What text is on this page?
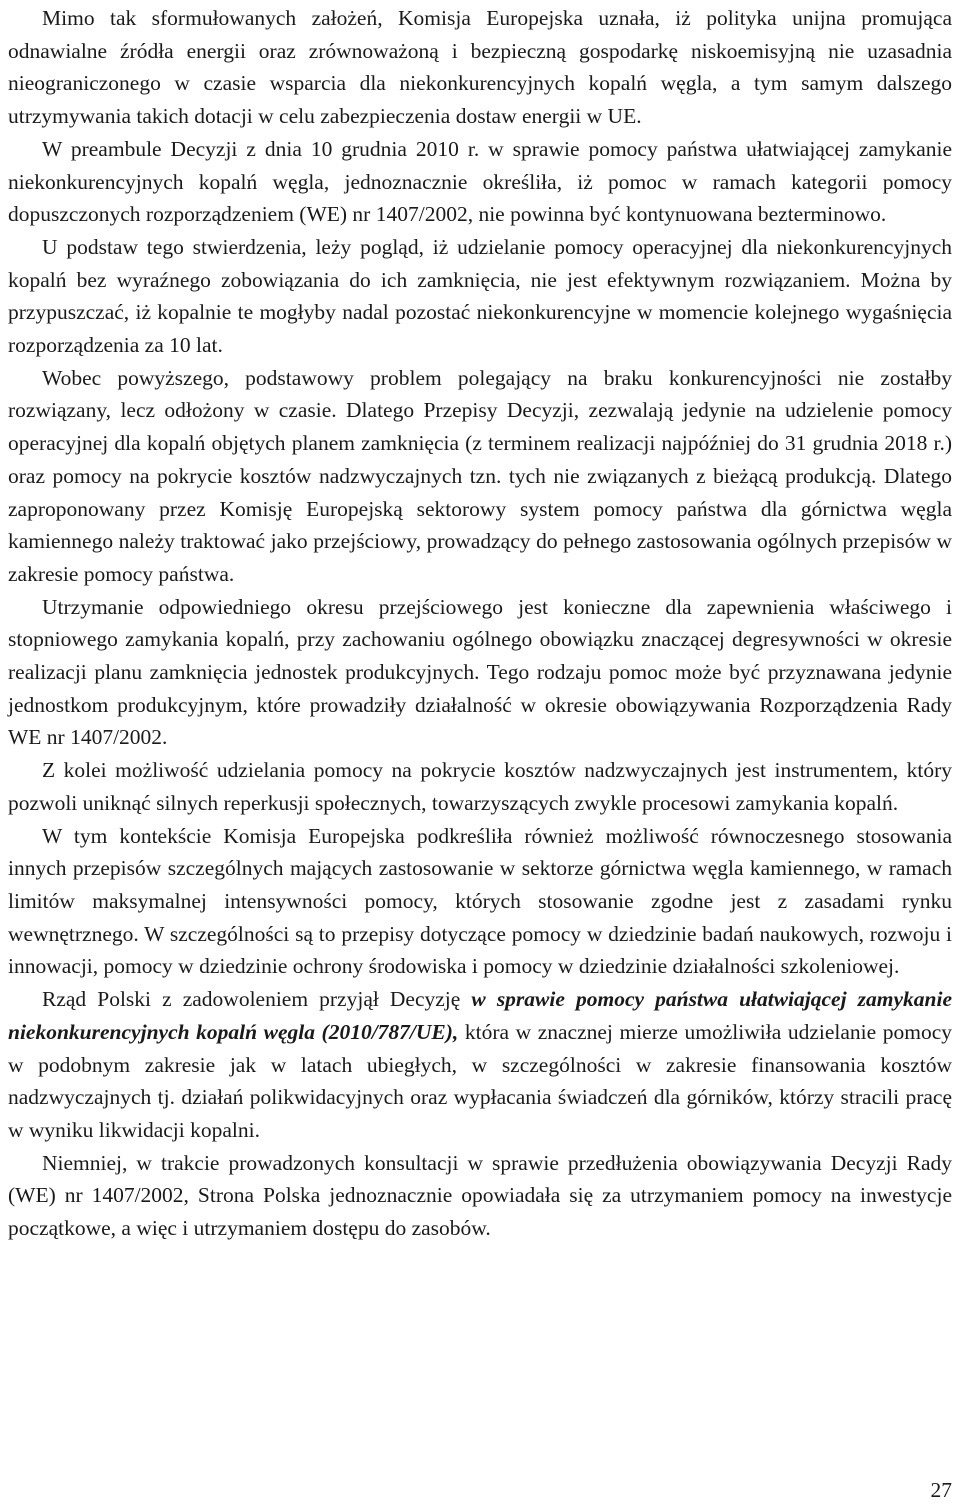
Mimo tak sformułowanych założeń, Komisja Europejska uznała, iż polityka unijna promująca odnawialne źródła energii oraz zrównoważoną i bezpieczną gospodarkę niskoemisyjną nie uzasadnia nieograniczonego w czasie wsparcia dla niekonkurencyjnych kopalń węgla, a tym samym dalszego utrzymywania takich dotacji w celu zabezpieczenia dostaw energii w UE.

W preambule Decyzji z dnia 10 grudnia 2010 r. w sprawie pomocy państwa ułatwiającej zamykanie niekonkurencyjnych kopalń węgla, jednoznacznie określiła, iż pomoc w ramach kategorii pomocy dopuszczonych rozporządzeniem (WE) nr 1407/2002, nie powinna być kontynuowana bezterminowo.

U podstaw tego stwierdzenia, leży pogląd, iż udzielanie pomocy operacyjnej dla niekonkurencyjnych kopalń bez wyraźnego zobowiązania do ich zamknięcia, nie jest efektywnym rozwiązaniem. Można by przypuszczać, iż kopalnie te mogłyby nadal pozostać niekonkurencyjne w momencie kolejnego wygaśnięcia rozporządzenia za 10 lat.

Wobec powyższego, podstawowy problem polegający na braku konkurencyjności nie zostałby rozwiązany, lecz odłożony w czasie. Dlatego Przepisy Decyzji, zezwalają jedynie na udzielenie pomocy operacyjnej dla kopalń objętych planem zamknięcia (z terminem realizacji najpóźniej do 31 grudnia 2018 r.) oraz pomocy na pokrycie kosztów nadzwyczajnych tzn. tych nie związanych z bieżącą produkcją. Dlatego zaproponowany przez Komisję Europejską sektorowy system pomocy państwa dla górnictwa węgla kamiennego należy traktować jako przejściowy, prowadzący do pełnego zastosowania ogólnych przepisów w zakresie pomocy państwa.

Utrzymanie odpowiedniego okresu przejściowego jest konieczne dla zapewnienia właściwego i stopniowego zamykania kopalń, przy zachowaniu ogólnego obowiązku znaczącej degresywności w okresie realizacji planu zamknięcia jednostek produkcyjnych. Tego rodzaju pomoc może być przyznawana jedynie jednostkom produkcyjnym, które prowadziły działalność w okresie obowiązywania Rozporządzenia Rady WE nr 1407/2002.

Z kolei możliwość udzielania pomocy na pokrycie kosztów nadzwyczajnych jest instrumentem, który pozwoli uniknąć silnych reperkusji społecznych, towarzyszących zwykle procesowi zamykania kopalń.

W tym kontekście Komisja Europejska podkreśliła również możliwość równoczesnego stosowania innych przepisów szczególnych mających zastosowanie w sektorze górnictwa węgla kamiennego, w ramach limitów maksymalnej intensywności pomocy, których stosowanie zgodne jest z zasadami rynku wewnętrznego. W szczególności są to przepisy dotyczące pomocy w dziedzinie badań naukowych, rozwoju i innowacji, pomocy w dziedzinie ochrony środowiska i pomocy w dziedzinie działalności szkoleniowej.

Rząd Polski z zadowoleniem przyjął Decyzję w sprawie pomocy państwa ułatwiającej zamykanie niekonkurencyjnych kopalń węgla (2010/787/UE), która w znacznej mierze umożliwiła udzielanie pomocy w podobnym zakresie jak w latach ubiegłych, w szczególności w zakresie finansowania kosztów nadzwyczajnych tj. działań polikwidacyjnych oraz wypłacania świadczeń dla górników, którzy stracili pracę w wyniku likwidacji kopalni.

Niemniej, w trakcie prowadzonych konsultacji w sprawie przedłużenia obowiązywania Decyzji Rady (WE) nr 1407/2002, Strona Polska jednoznacznie opowiadała się za utrzymaniem pomocy na inwestycje początkowe, a więc i utrzymaniem dostępu do zasobów.

27
